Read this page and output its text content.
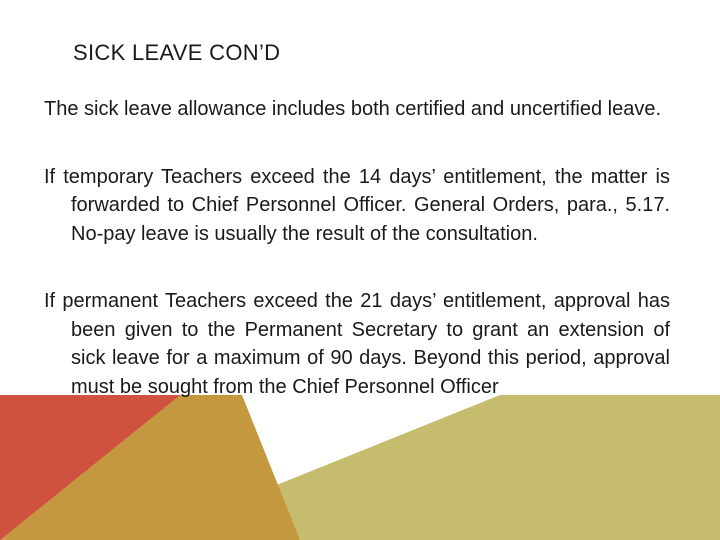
SICK LEAVE CON’D

The sick leave allowance includes both certified and uncertified leave.

If temporary Teachers exceed the 14 days’ entitlement, the matter is forwarded to Chief Personnel Officer. General Orders, para., 5.17. No-pay leave is usually the result of the consultation.

If permanent Teachers exceed the 21 days’ entitlement, approval has been given to the Permanent Secretary to grant an extension of sick leave for a maximum of 90 days. Beyond this period, approval must be sought from the Chief Personnel Officer
